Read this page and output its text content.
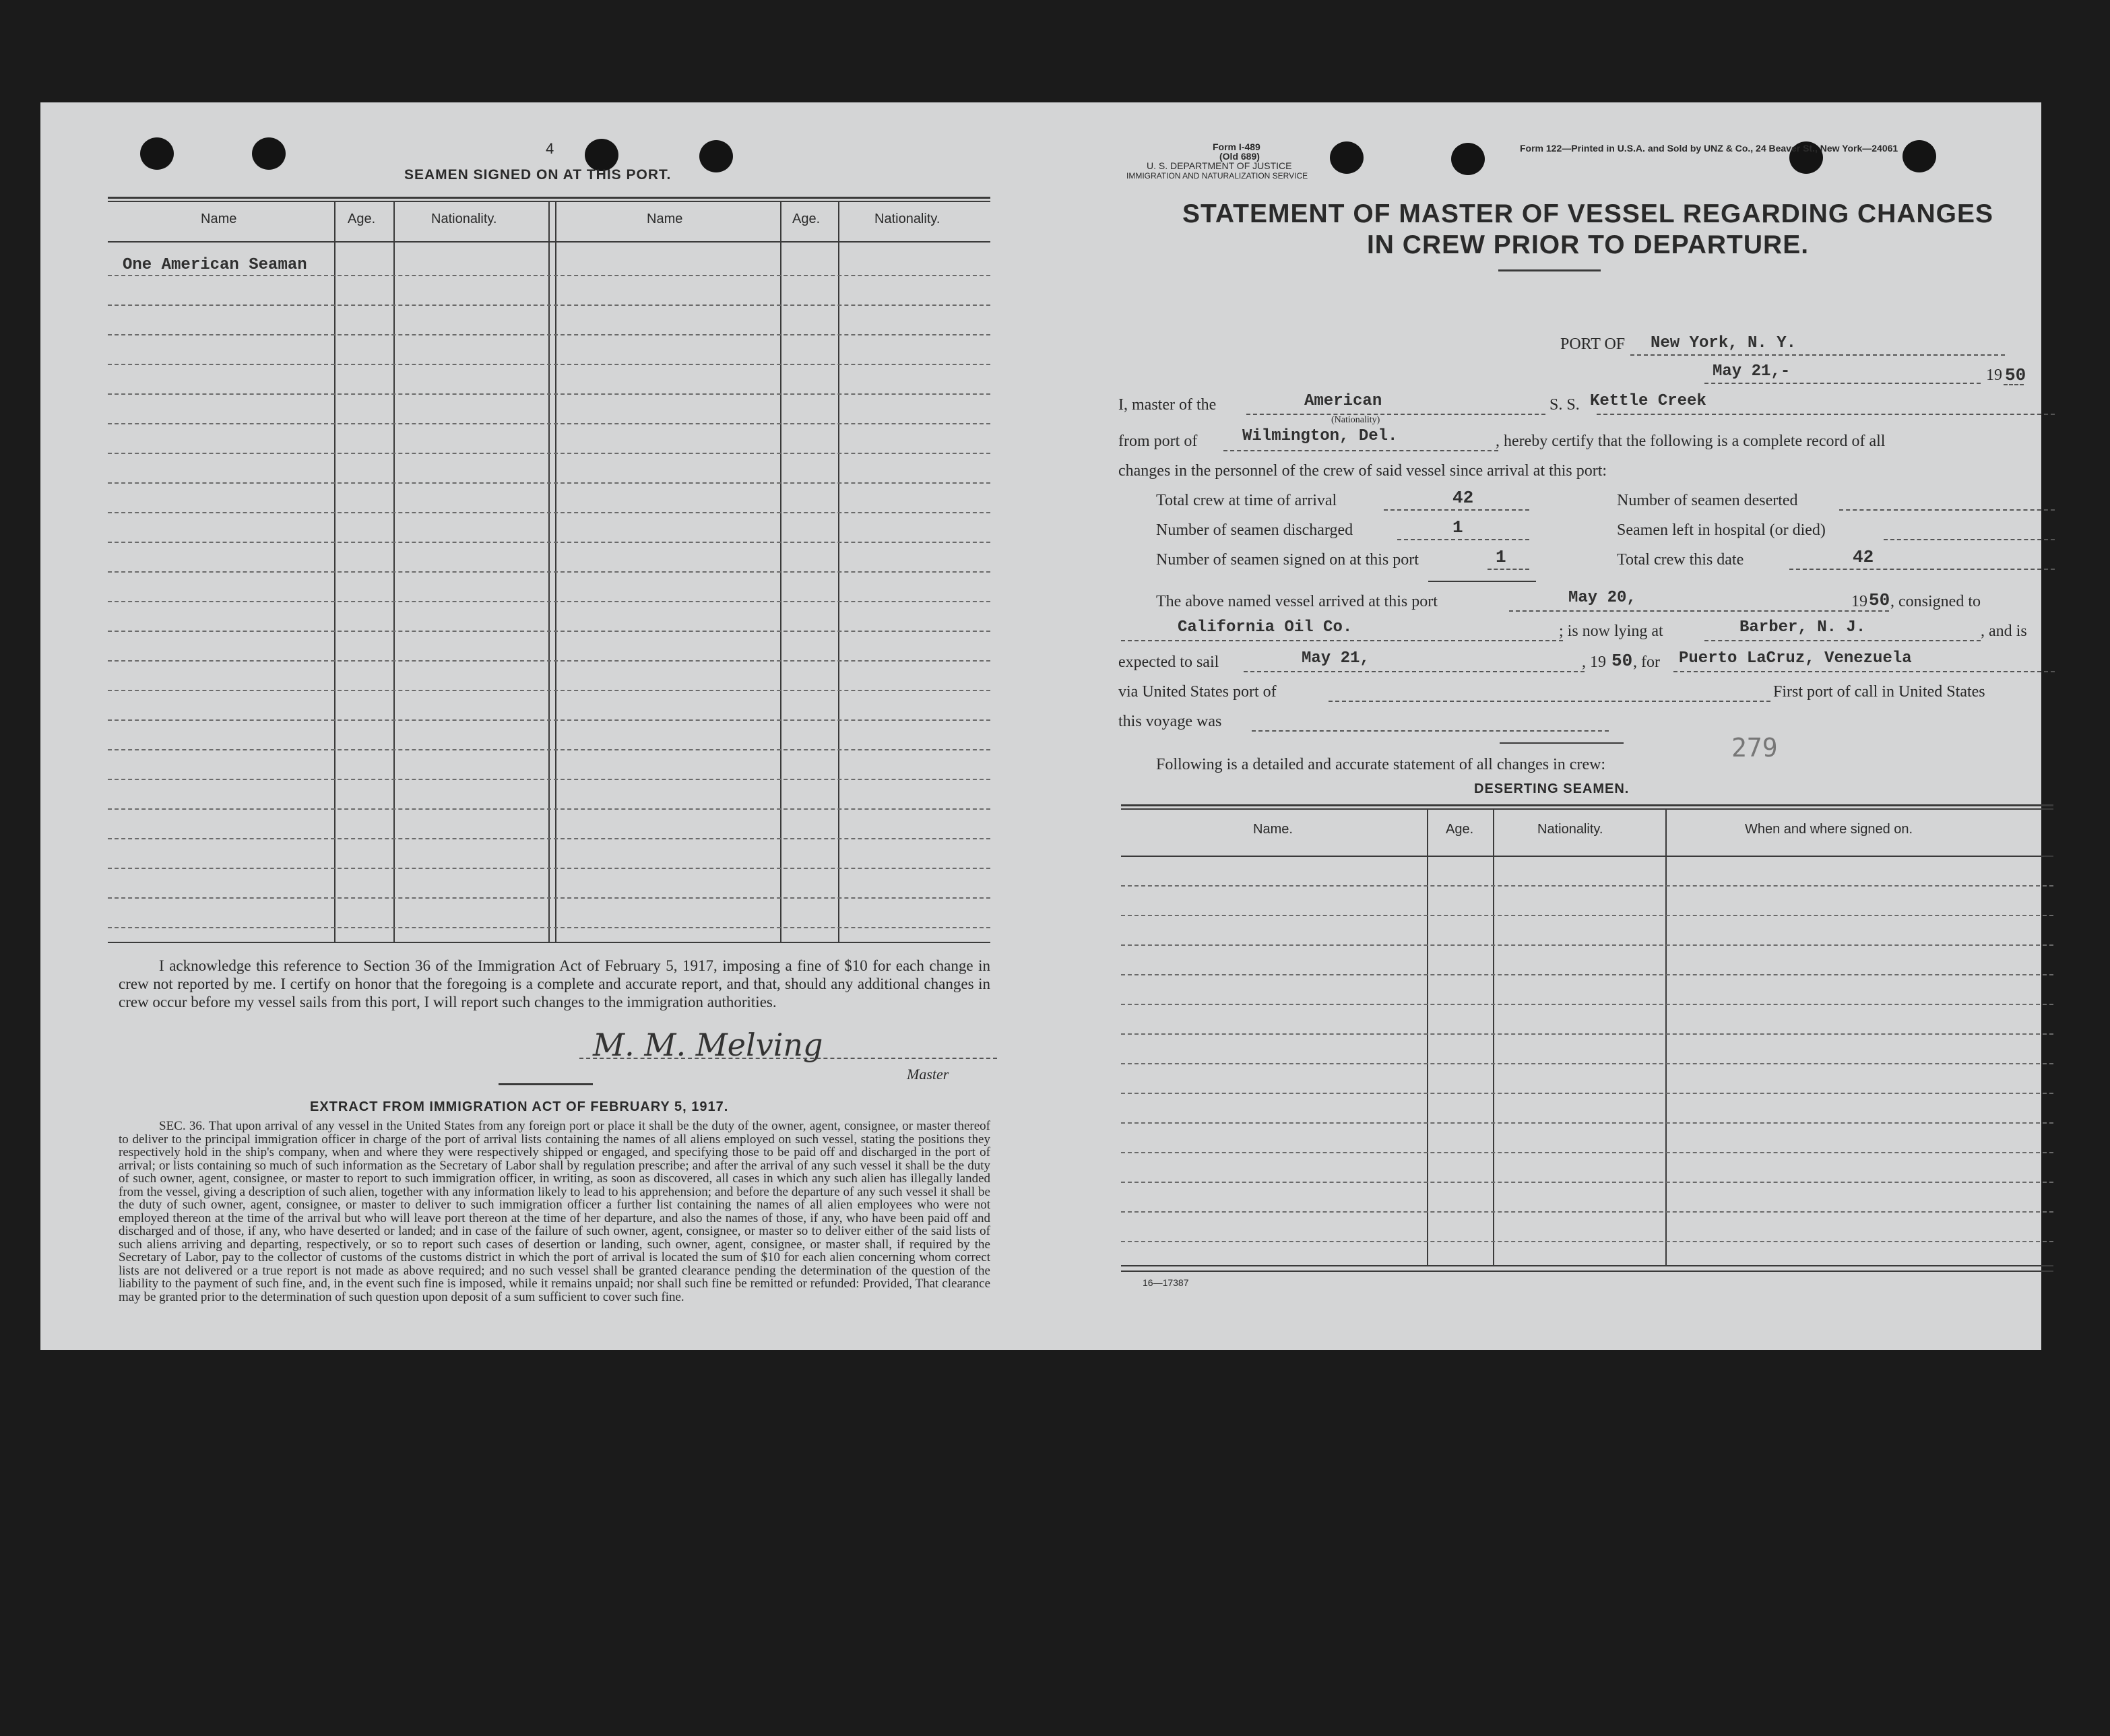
4
SEAMEN SIGNED ON AT THIS PORT.
Name	Age.	Nationality.	Name	Age.	Nationality.
One American Seaman
I acknowledge this reference to Section 36 of the Immigration Act of February 5, 1917, imposing a fine of $10 for each change in crew not reported by me. I certify on honor that the foregoing is a complete and accurate report, and that, should any additional changes in crew occur before my vessel sails from this port, I will report such changes to the immigration authorities.
M. M. Melving
Master
EXTRACT FROM IMMIGRATION ACT OF FEBRUARY 5, 1917.
SEC. 36. That upon arrival of any vessel in the United States from any foreign port or place it shall be the duty of the owner, agent, consignee, or master thereof to deliver to the principal immigration officer in charge of the port of arrival lists containing the names of all aliens employed on such vessel, stating the positions they respectively hold in the ship's company, when and where they were respectively shipped or engaged, and specifying those to be paid off and discharged in the port of arrival; or lists containing so much of such information as the Secretary of Labor shall by regulation prescribe; and after the arrival of any such vessel it shall be the duty of such owner, agent, consignee, or master to report to such immigration officer, in writing, as soon as discovered, all cases in which any such alien has illegally landed from the vessel, giving a description of such alien, together with any information likely to lead to his apprehension; and before the departure of any such vessel it shall be the duty of such owner, agent, consignee, or master to deliver to such immigration officer a further list containing the names of all alien employees who were not employed thereon at the time of the arrival but who will leave port thereon at the time of her departure, and also the names of those, if any, who have been paid off and discharged and of those, if any, who have deserted or landed; and in case of the failure of such owner, agent, consignee, or master so to deliver either of the said lists of such aliens arriving and departing, respectively, or so to report such cases of desertion or landing, such owner, agent, consignee, or master shall, if required by the Secretary of Labor, pay to the collector of customs of the customs district in which the port of arrival is located the sum of $10 for each alien concerning whom correct lists are not delivered or a true report is not made as above required; and no such vessel shall be granted clearance pending the determination of the question of the liability to the payment of such fine, and, in the event such fine is imposed, while it remains unpaid; nor shall such fine be remitted or refunded: Provided, That clearance may be granted prior to the determination of such question upon deposit of a sum sufficient to cover such fine.
Form I-489
(Old 689)
U. S. DEPARTMENT OF JUSTICE
IMMIGRATION AND NATURALIZATION SERVICE
Form 122—Printed in U.S.A. and Sold by UNZ & Co., 24 Beaver St., New York—24061
STATEMENT OF MASTER OF VESSEL REGARDING CHANGES
IN CREW PRIOR TO DEPARTURE.
PORT OF New York, N. Y.
May 21,-	19 50
I, master of the	American
(Nationality)
S. S. Kettle Creek
from port of	Wilmington, Del.	, hereby certify that the following is a complete record of all
changes in the personnel of the crew of said vessel since arrival at this port:
Total crew at time of arrival	42
Number of seamen discharged	1
Number of seamen signed on at this port	1
Number of seamen deserted
Seamen left in hospital (or died)
Total crew this date	42
The above named vessel arrived at this port	May 20,	19 50 , consigned to
California Oil Co.	; is now lying at	Barber, N. J.	, and is
expected to sail	May 21,	, 19 50 , for Puerto LaCruz, Venezuela
via United States port of	First port of call in United States
this voyage was
279
Following is a detailed and accurate statement of all changes in crew:
DESERTING SEAMEN.
Name.	Age.	Nationality.	When and where signed on.
16—17387
